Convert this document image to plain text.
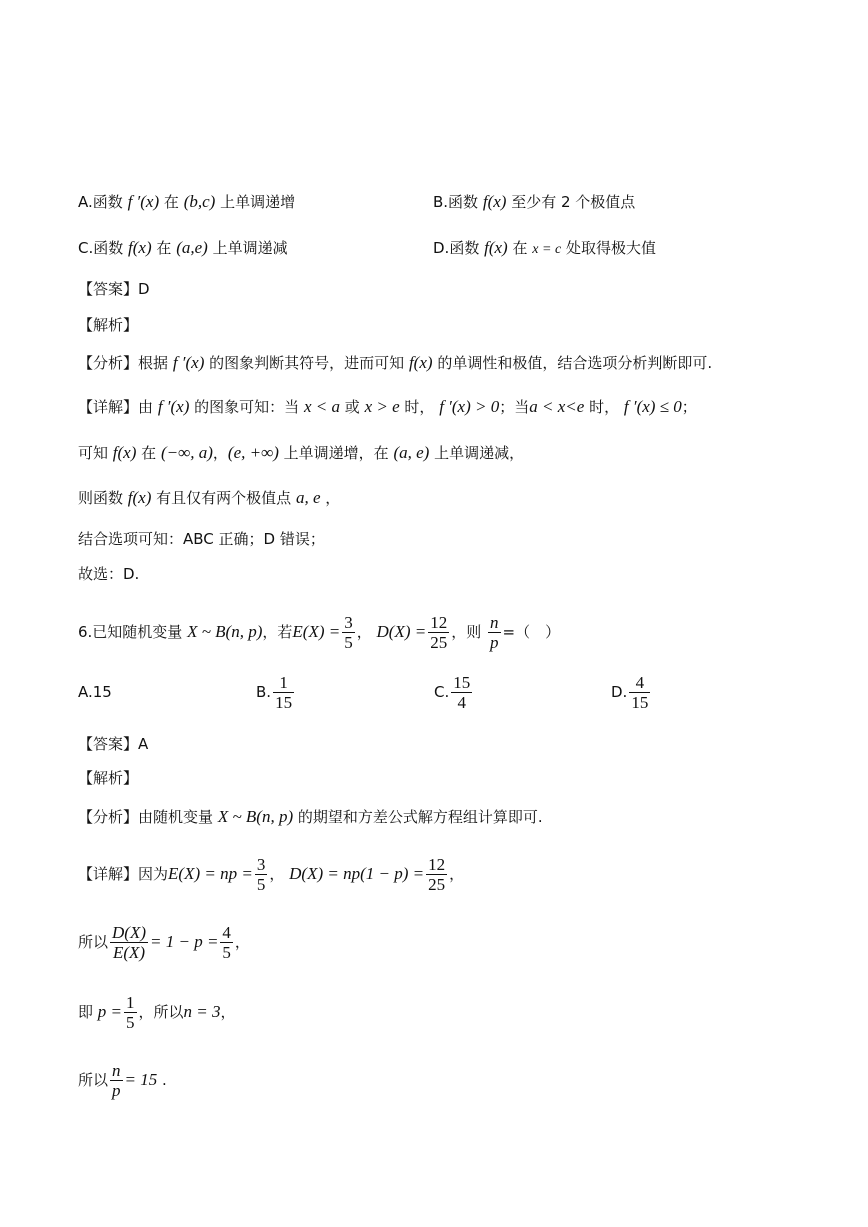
A.函数 f ′(x) 在 (b,c) 上单调递增	B.函数 f(x) 至少有 2 个极值点
C.函数 f(x) 在 (a,e) 上单调递减	D.函数 f(x) 在 x = c 处取得极大值
【答案】D
【解析】
【分析】根据 f ′(x) 的图象判断其符号，进而可知 f(x) 的单调性和极值，结合选项分析判断即可.
【详解】由 f ′(x) 的图象可知：当 x < a 或 x > e 时， f ′(x) > 0；当a < x<e 时， f ′(x) ≤ 0；
可知 f(x) 在 (−∞, a)，(e, +∞) 上单调递增，在 (a, e) 上单调递减，
则函数 f(x) 有且仅有两个极值点 a, e ，
结合选项可知：ABC 正确；D 错误；
故选：D.
6.已知随机变量 X ~ B(n, p)，若$E(X) = \frac{3}{5}$ ， $D(X) = \frac{12}{25}$ ，则 $\frac{n}{p}$ =（　）
A.15	B. $\frac{1}{15}$	C. $\frac{15}{4}$	D. $\frac{4}{15}$
【答案】A
【解析】
【分析】由随机变量 X ~ B(n, p) 的期望和方差公式解方程组计算即可.
【详解】因为E(X) = np = $\frac{3}{5}$ ， $D(X) = np(1 - p) = \frac{12}{25}$ ，
所以 $\frac{D(X)}{E(X)} = 1 - p = \frac{4}{5}$ ，
即 $p = \frac{1}{5}$ ，所以n = 3，
所以 $\frac{n}{p} = 15$ .
